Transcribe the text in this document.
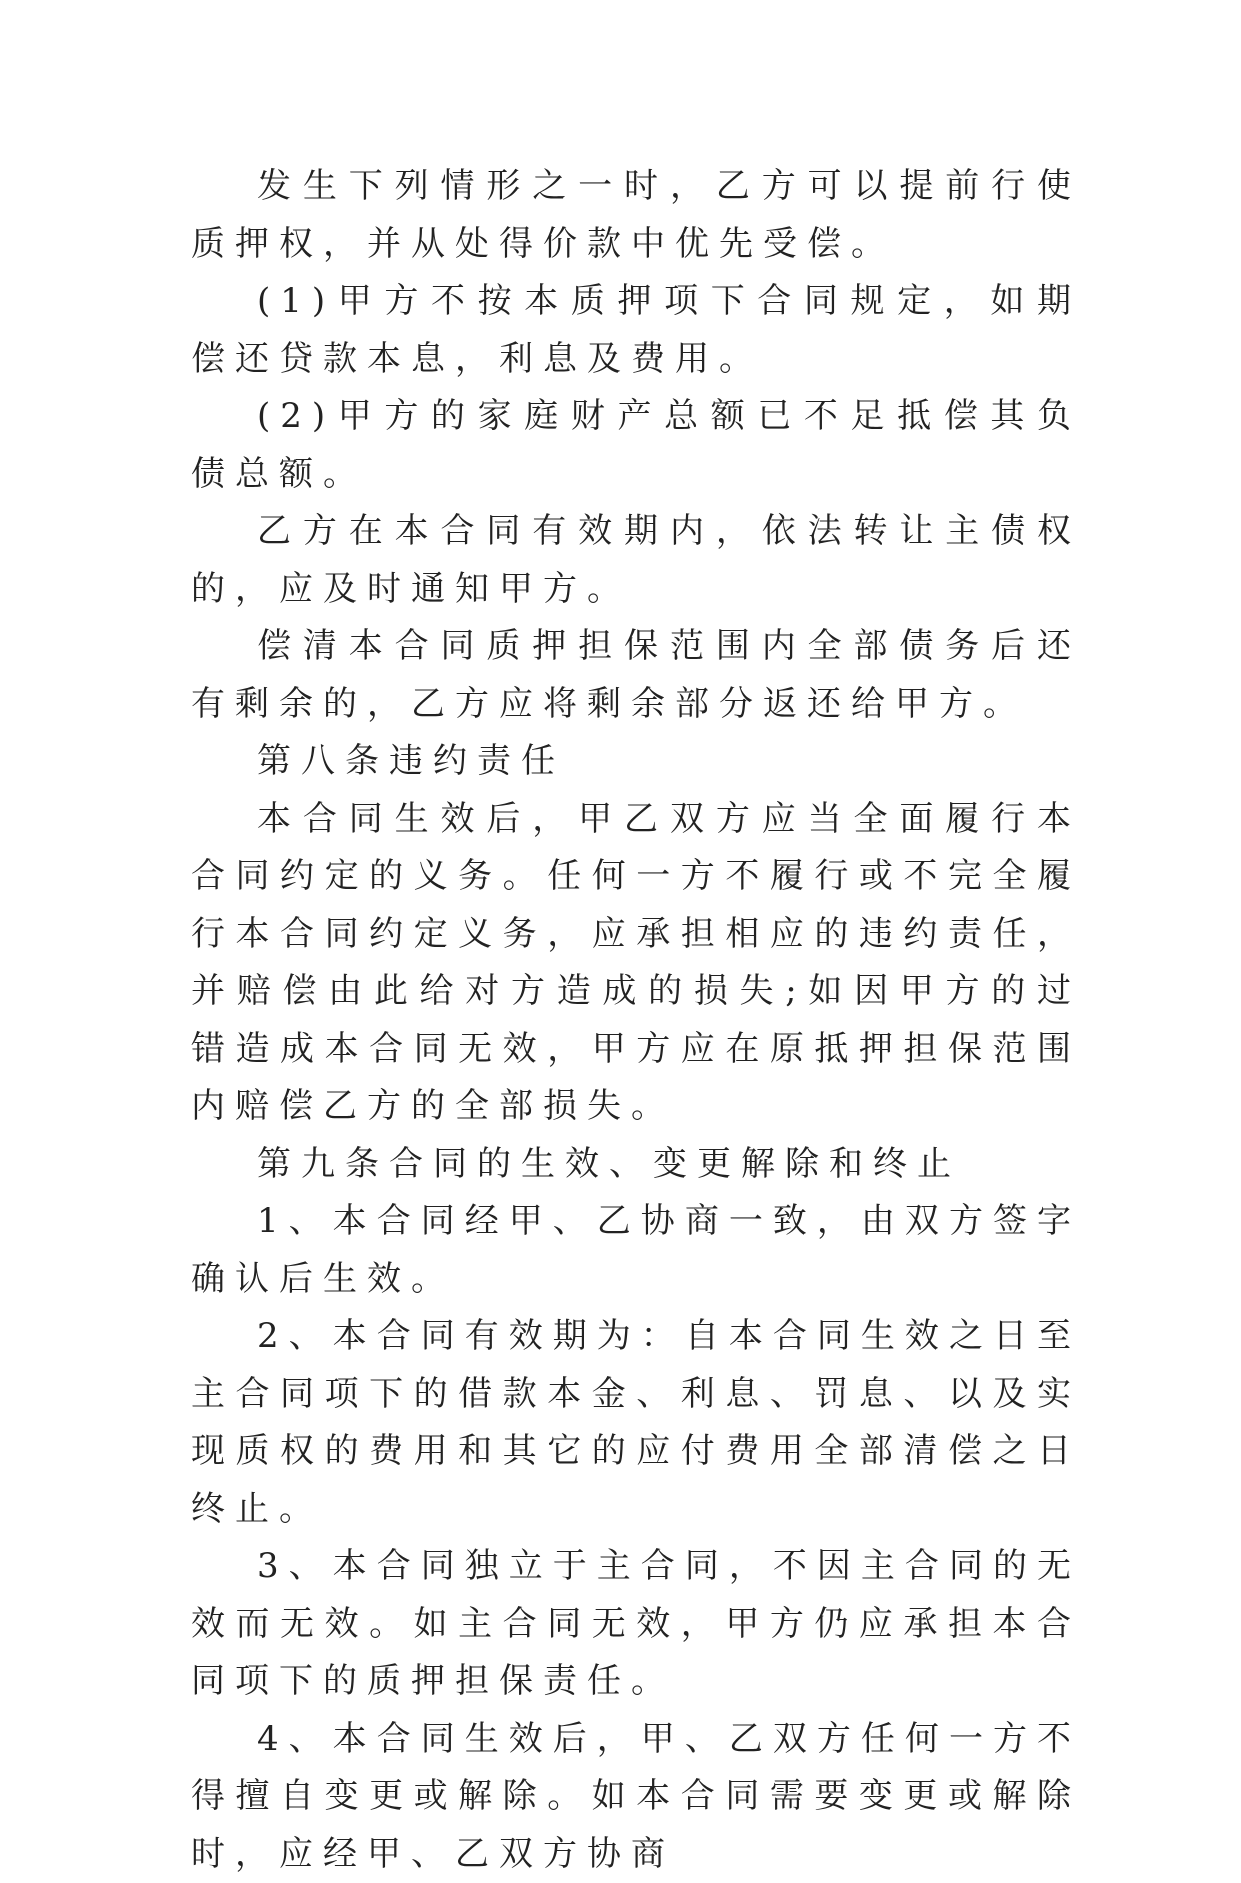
发生下列情形之一时，乙方可以提前行使质押权，并从处得价款中优先受偿。

(1)甲方不按本质押项下合同规定，如期偿还贷款本息，利息及费用。

(2)甲方的家庭财产总额已不足抵偿其负债总额。

乙方在本合同有效期内，依法转让主债权的，应及时通知甲方。

偿清本合同质押担保范围内全部债务后还有剩余的，乙方应将剩余部分返还给甲方。

第八条违约责任

本合同生效后，甲乙双方应当全面履行本合同约定的义务。任何一方不履行或不完全履行本合同约定义务，应承担相应的违约责任，并赔偿由此给对方造成的损失;如因甲方的过错造成本合同无效，甲方应在原抵押担保范围内赔偿乙方的全部损失。

第九条合同的生效、变更解除和终止

1、本合同经甲、乙协商一致，由双方签字确认后生效。

2、本合同有效期为：自本合同生效之日至主合同项下的借款本金、利息、罚息、以及实现质权的费用和其它的应付费用全部清偿之日终止。

3、本合同独立于主合同，不因主合同的无效而无效。如主合同无效，甲方仍应承担本合同项下的质押担保责任。

4、本合同生效后，甲、乙双方任何一方不得擅自变更或解除。如本合同需要变更或解除时，应经甲、乙双方协商
